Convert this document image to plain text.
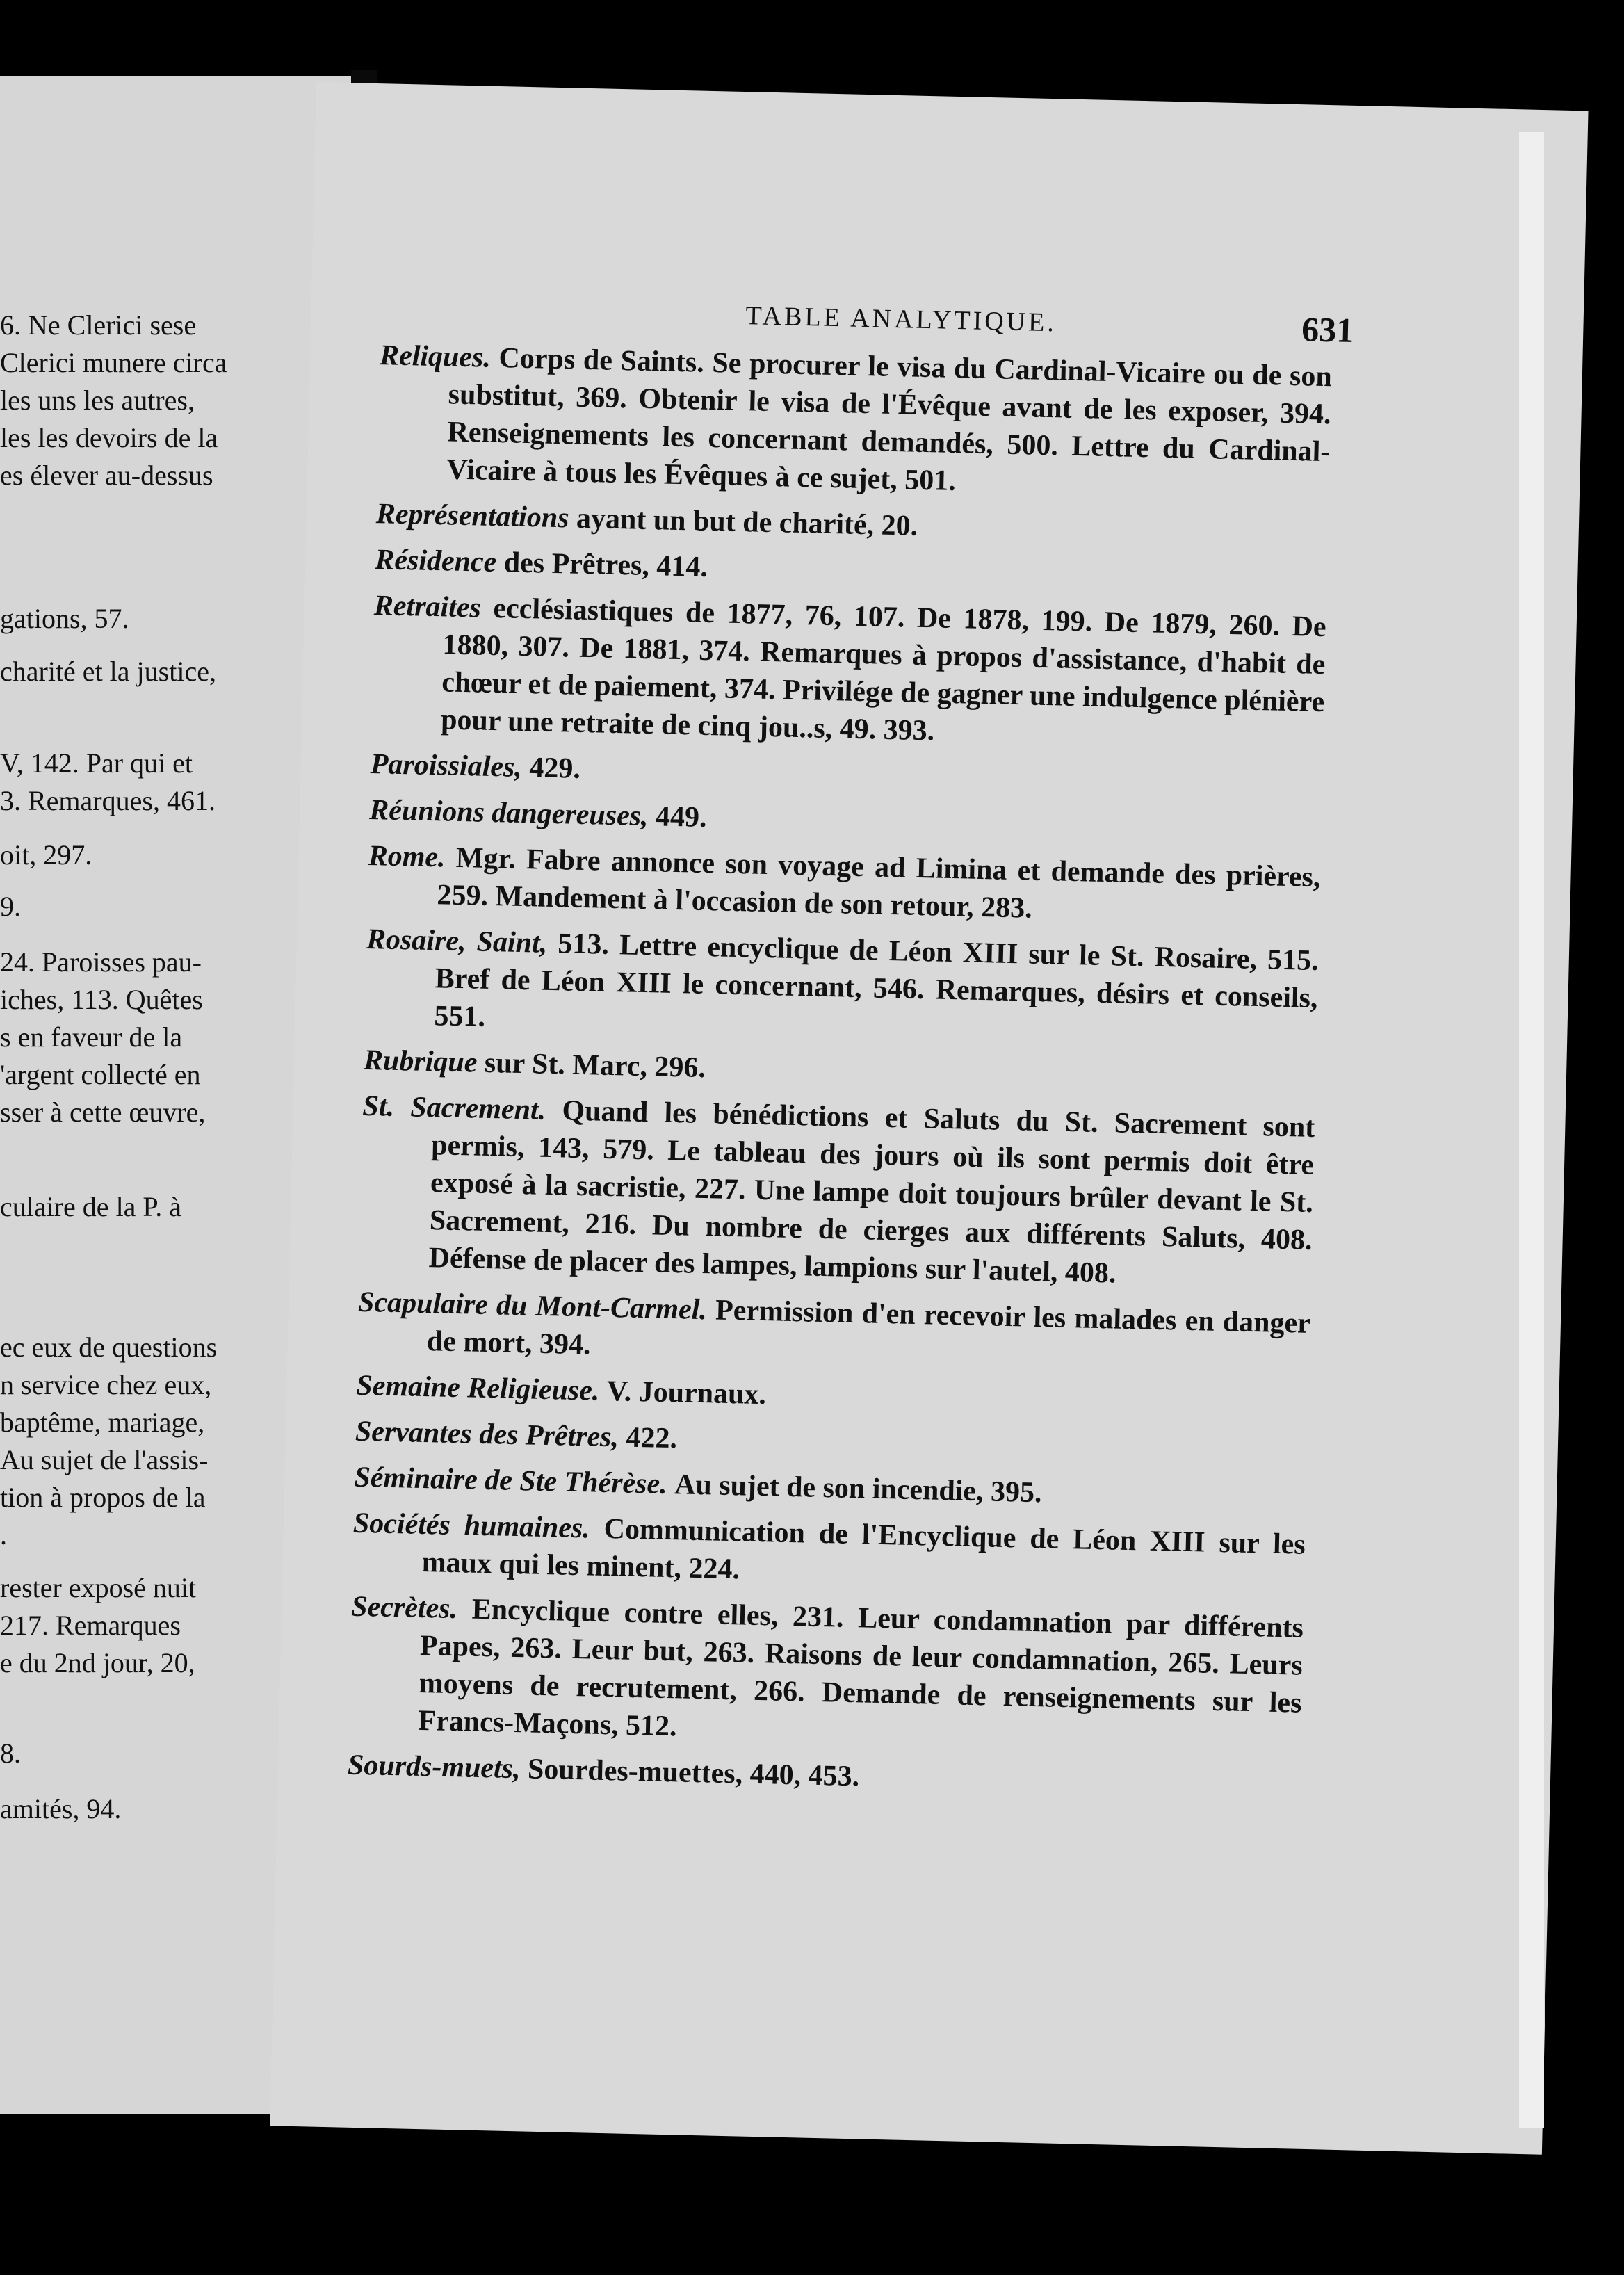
6. Ne Clerici sese
Clerici munere circa
les uns les autres,
les les devoirs de la
es élever au-dessus
gations, 57.
charité et la justice,
V, 142. Par qui et
3. Remarques, 461.
oit, 297.
9.
24. Paroisses pau-
iches, 113. Quêtes
s en faveur de la
'argent collecté en
sser à cette œuvre,
culaire de la P. à
ec eux de questions
n service chez eux,
baptême, mariage,
Au sujet de l'assis-
tion à propos de la
.
rester exposé nuit
217. Remarques
e du 2nd jour, 20,
8.
amités, 94.
TABLE ANALYTIQUE.	631

Reliques. Corps de Saints. Se procurer le visa du Cardinal-Vicaire ou de son substitut, 369. Obtenir le visa de l'Évêque avant de les exposer, 394. Renseignements les concernant demandés, 500. Lettre du Cardinal-Vicaire à tous les Évêques à ce sujet, 501.

Représentations ayant un but de charité, 20.

Résidence des Prêtres, 414.

Retraites ecclésiastiques de 1877, 76, 107. De 1878, 199. De 1879, 260. De 1880, 307. De 1881, 374. Remarques à propos d'assistance, d'habit de chœur et de paiement, 374. Privilége de gagner une indulgence plénière pour une retraite de cinq jou..s, 49. 393.

Paroissiales, 429.

Réunions dangereuses, 449.

Rome. Mgr. Fabre annonce son voyage ad Limina et demande des prières, 259. Mandement à l'occasion de son retour, 283.

Rosaire, Saint, 513. Lettre encyclique de Léon XIII sur le St. Rosaire, 515. Bref de Léon XIII le concernant, 546. Remarques, désirs et conseils, 551.

Rubrique sur St. Marc, 296.

St. Sacrement. Quand les bénédictions et Saluts du St. Sacrement sont permis, 143, 579. Le tableau des jours où ils sont permis doit être exposé à la sacristie, 227. Une lampe doit toujours brûler devant le St. Sacrement, 216. Du nombre de cierges aux différents Saluts, 408. Défense de placer des lampes, lampions sur l'autel, 408.

Scapulaire du Mont-Carmel. Permission d'en recevoir les malades en danger de mort, 394.

Semaine Religieuse. V. Journaux.

Servantes des Prêtres, 422.

Séminaire de Ste Thérèse. Au sujet de son incendie, 395.

Sociétés humaines. Communication de l'Encyclique de Léon XIII sur les maux qui les minent, 224.

Secrètes. Encyclique contre elles, 231. Leur condamnation par différents Papes, 263. Leur but, 263. Raisons de leur condamnation, 265. Leurs moyens de recrutement, 266. Demande de renseignements sur les Francs-Maçons, 512.

Sourds-muets, Sourdes-muettes, 440, 453.
